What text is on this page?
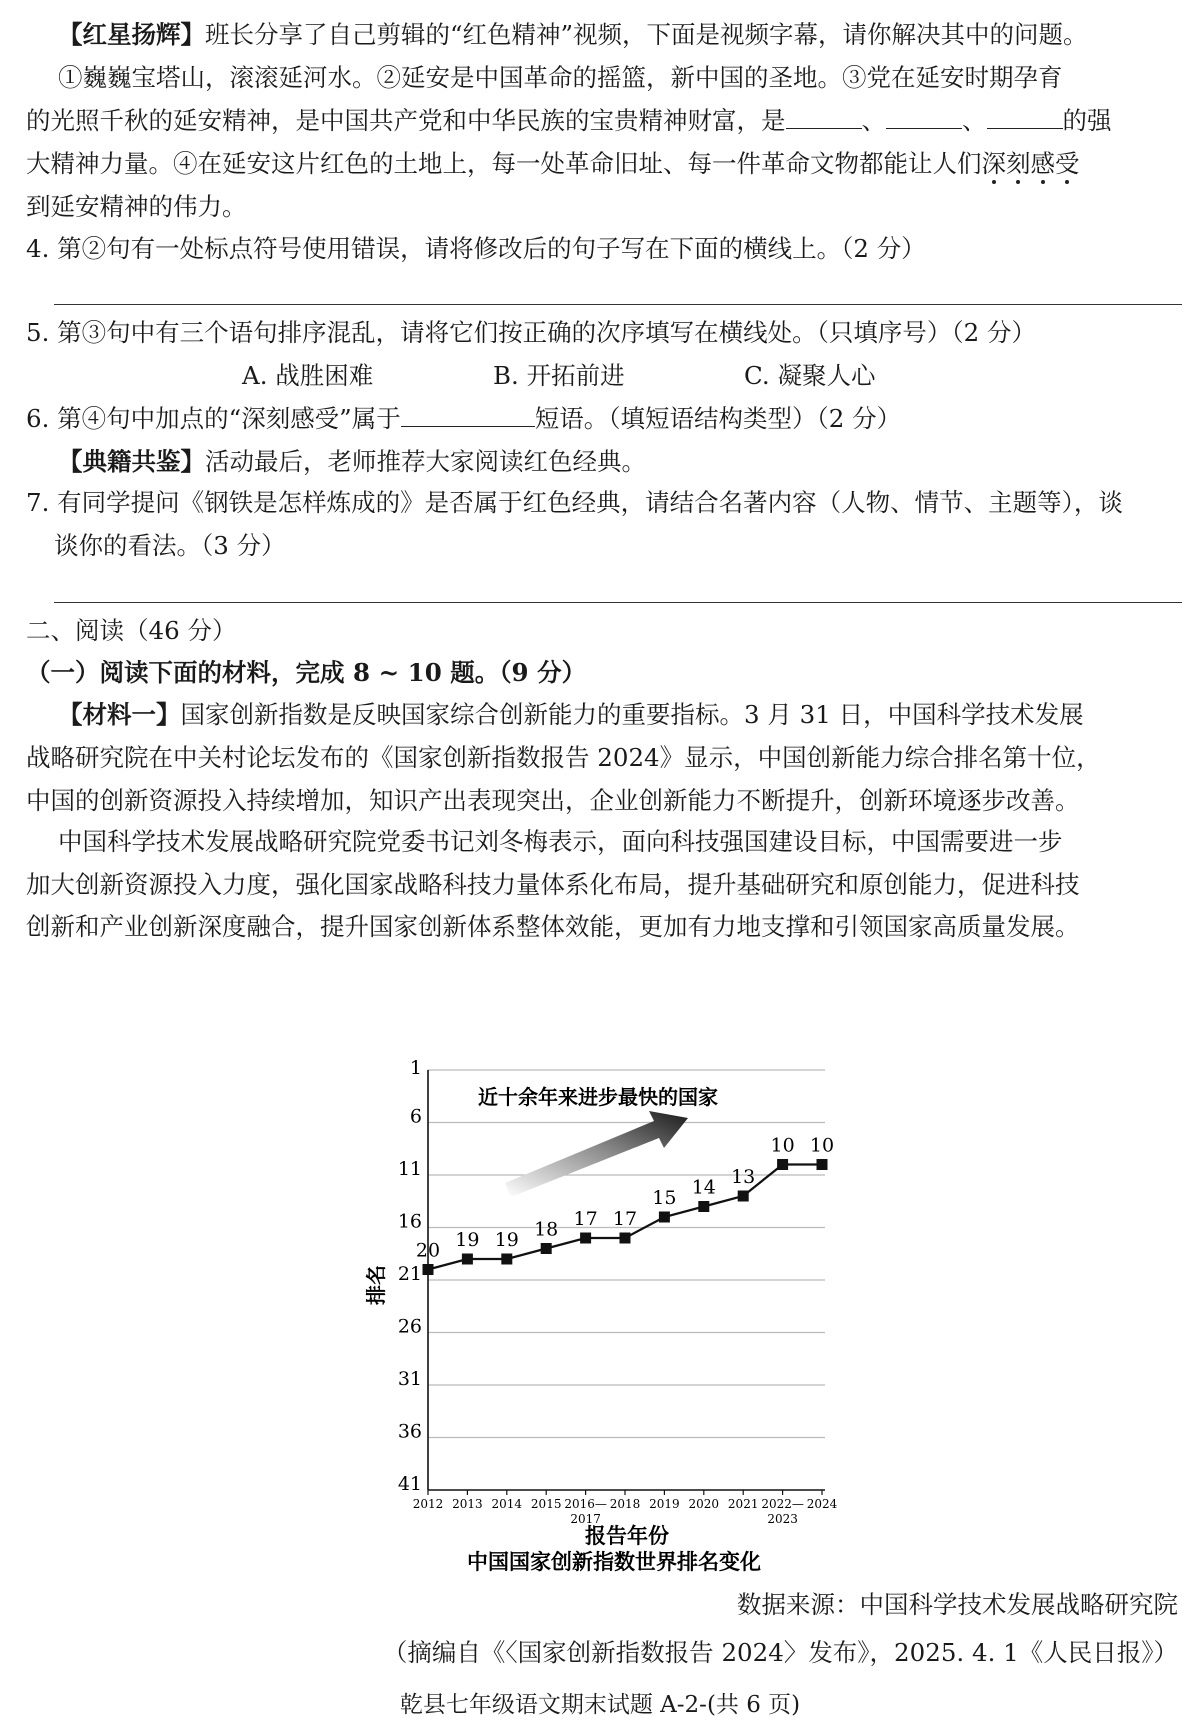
【红星扬辉】班长分享了自己剪辑的“红色精神”视频，下面是视频字幕，请你解决其中的问题。
①巍巍宝塔山，滚滚延河水。②延安是中国革命的摇篮，新中国的圣地。③党在延安时期孕育
的光照千秋的延安精神，是中国共产党和中华民族的宝贵精神财富，是	、	、	的强
大精神力量。④在延安这片红色的土地上，每一处革命旧址、每一件革命文物都能让人们深刻感受
到延安精神的伟力。
4. 第②句有一处标点符号使用错误，请将修改后的句子写在下面的横线上。（2 分）
5. 第③句中有三个语句排序混乱，请将它们按正确的次序填写在横线处。（只填序号）（2 分）
A. 战胜困难	B. 开拓前进	C. 凝聚人心
6. 第④句中加点的“深刻感受”属于	短语。（填短语结构类型）（2 分）
【典籍共鉴】活动最后，老师推荐大家阅读红色经典。
7. 有同学提问《钢铁是怎样炼成的》是否属于红色经典，请结合名著内容（人物、情节、主题等），谈
谈你的看法。（3 分）
二、阅读（46 分）
（一）阅读下面的材料，完成 8 ~ 10 题。（9 分）
【材料一】国家创新指数是反映国家综合创新能力的重要指标。3 月 31 日，中国科学技术发展
战略研究院在中关村论坛发布的《国家创新指数报告 2024》显示，中国创新能力综合排名第十位，
中国的创新资源投入持续增加，知识产出表现突出，企业创新能力不断提升，创新环境逐步改善。
中国科学技术发展战略研究院党委书记刘冬梅表示，面向科技强国建设目标，中国需要进一步
加大创新资源投入力度，强化国家战略科技力量体系化布局，提升基础研究和原创能力，促进科技
创新和产业创新深度融合，提升国家创新体系整体效能，更加有力地支撑和引领国家高质量发展。
1
6
11
16
21
26
31
36
41
2012 2013 2014 2015 2016—
2017
2018 2019 2020 2021 2022—
2023
2024
20 19 19 18 17 17
15 14 13
10 10
近十余年来进步最快的国家
排名
报告年份
中国国家创新指数世界排名变化
数据来源：中国科学技术发展战略研究院
（摘编自《〈国家创新指数报告 2024〉发布》，2025. 4. 1《人民日报》）
乾县七年级语文期末试题 A-2-(共 6 页)
